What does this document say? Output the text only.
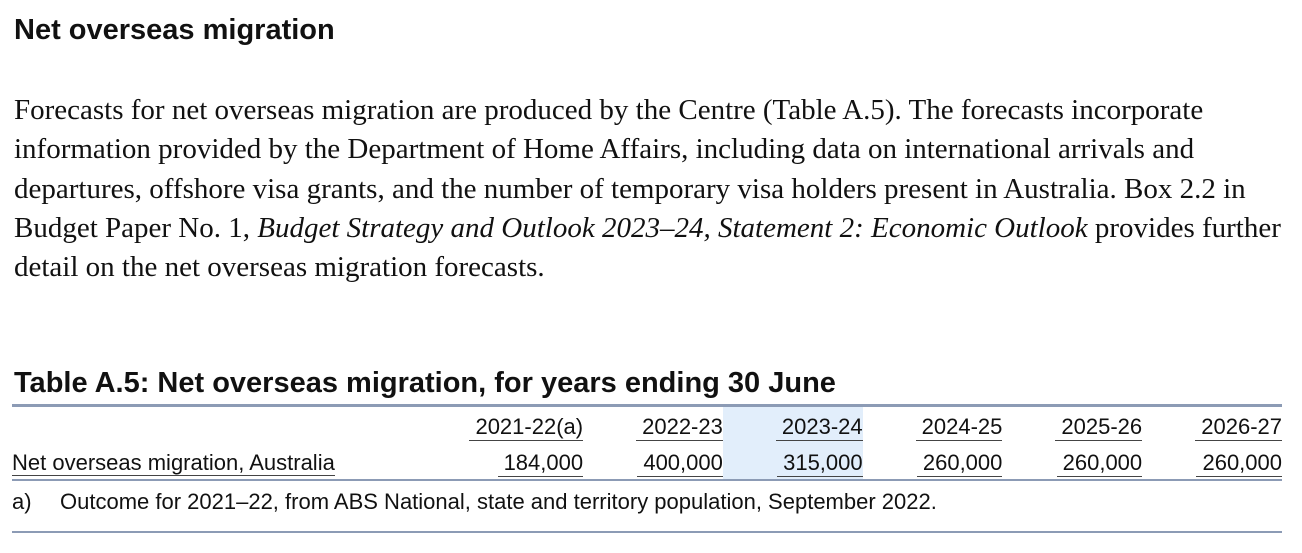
Net overseas migration

Forecasts for net overseas migration are produced by the Centre (Table A.5). The forecasts incorporate information provided by the Department of Home Affairs, including data on international arrivals and departures, offshore visa grants, and the number of temporary visa holders present in Australia. Box 2.2 in Budget Paper No. 1, Budget Strategy and Outlook 2023–24, Statement 2: Economic Outlook provides further detail on the net overseas migration forecasts.

Table A.5: Net overseas migration, for years ending 30 June
	2021-22(a)	2022-23	2023-24	2024-25	2025-26	2026-27
Net overseas migration, Australia	184,000	400,000	315,000	260,000	260,000	260,000
a) Outcome for 2021–22, from ABS National, state and territory population, September 2022.
